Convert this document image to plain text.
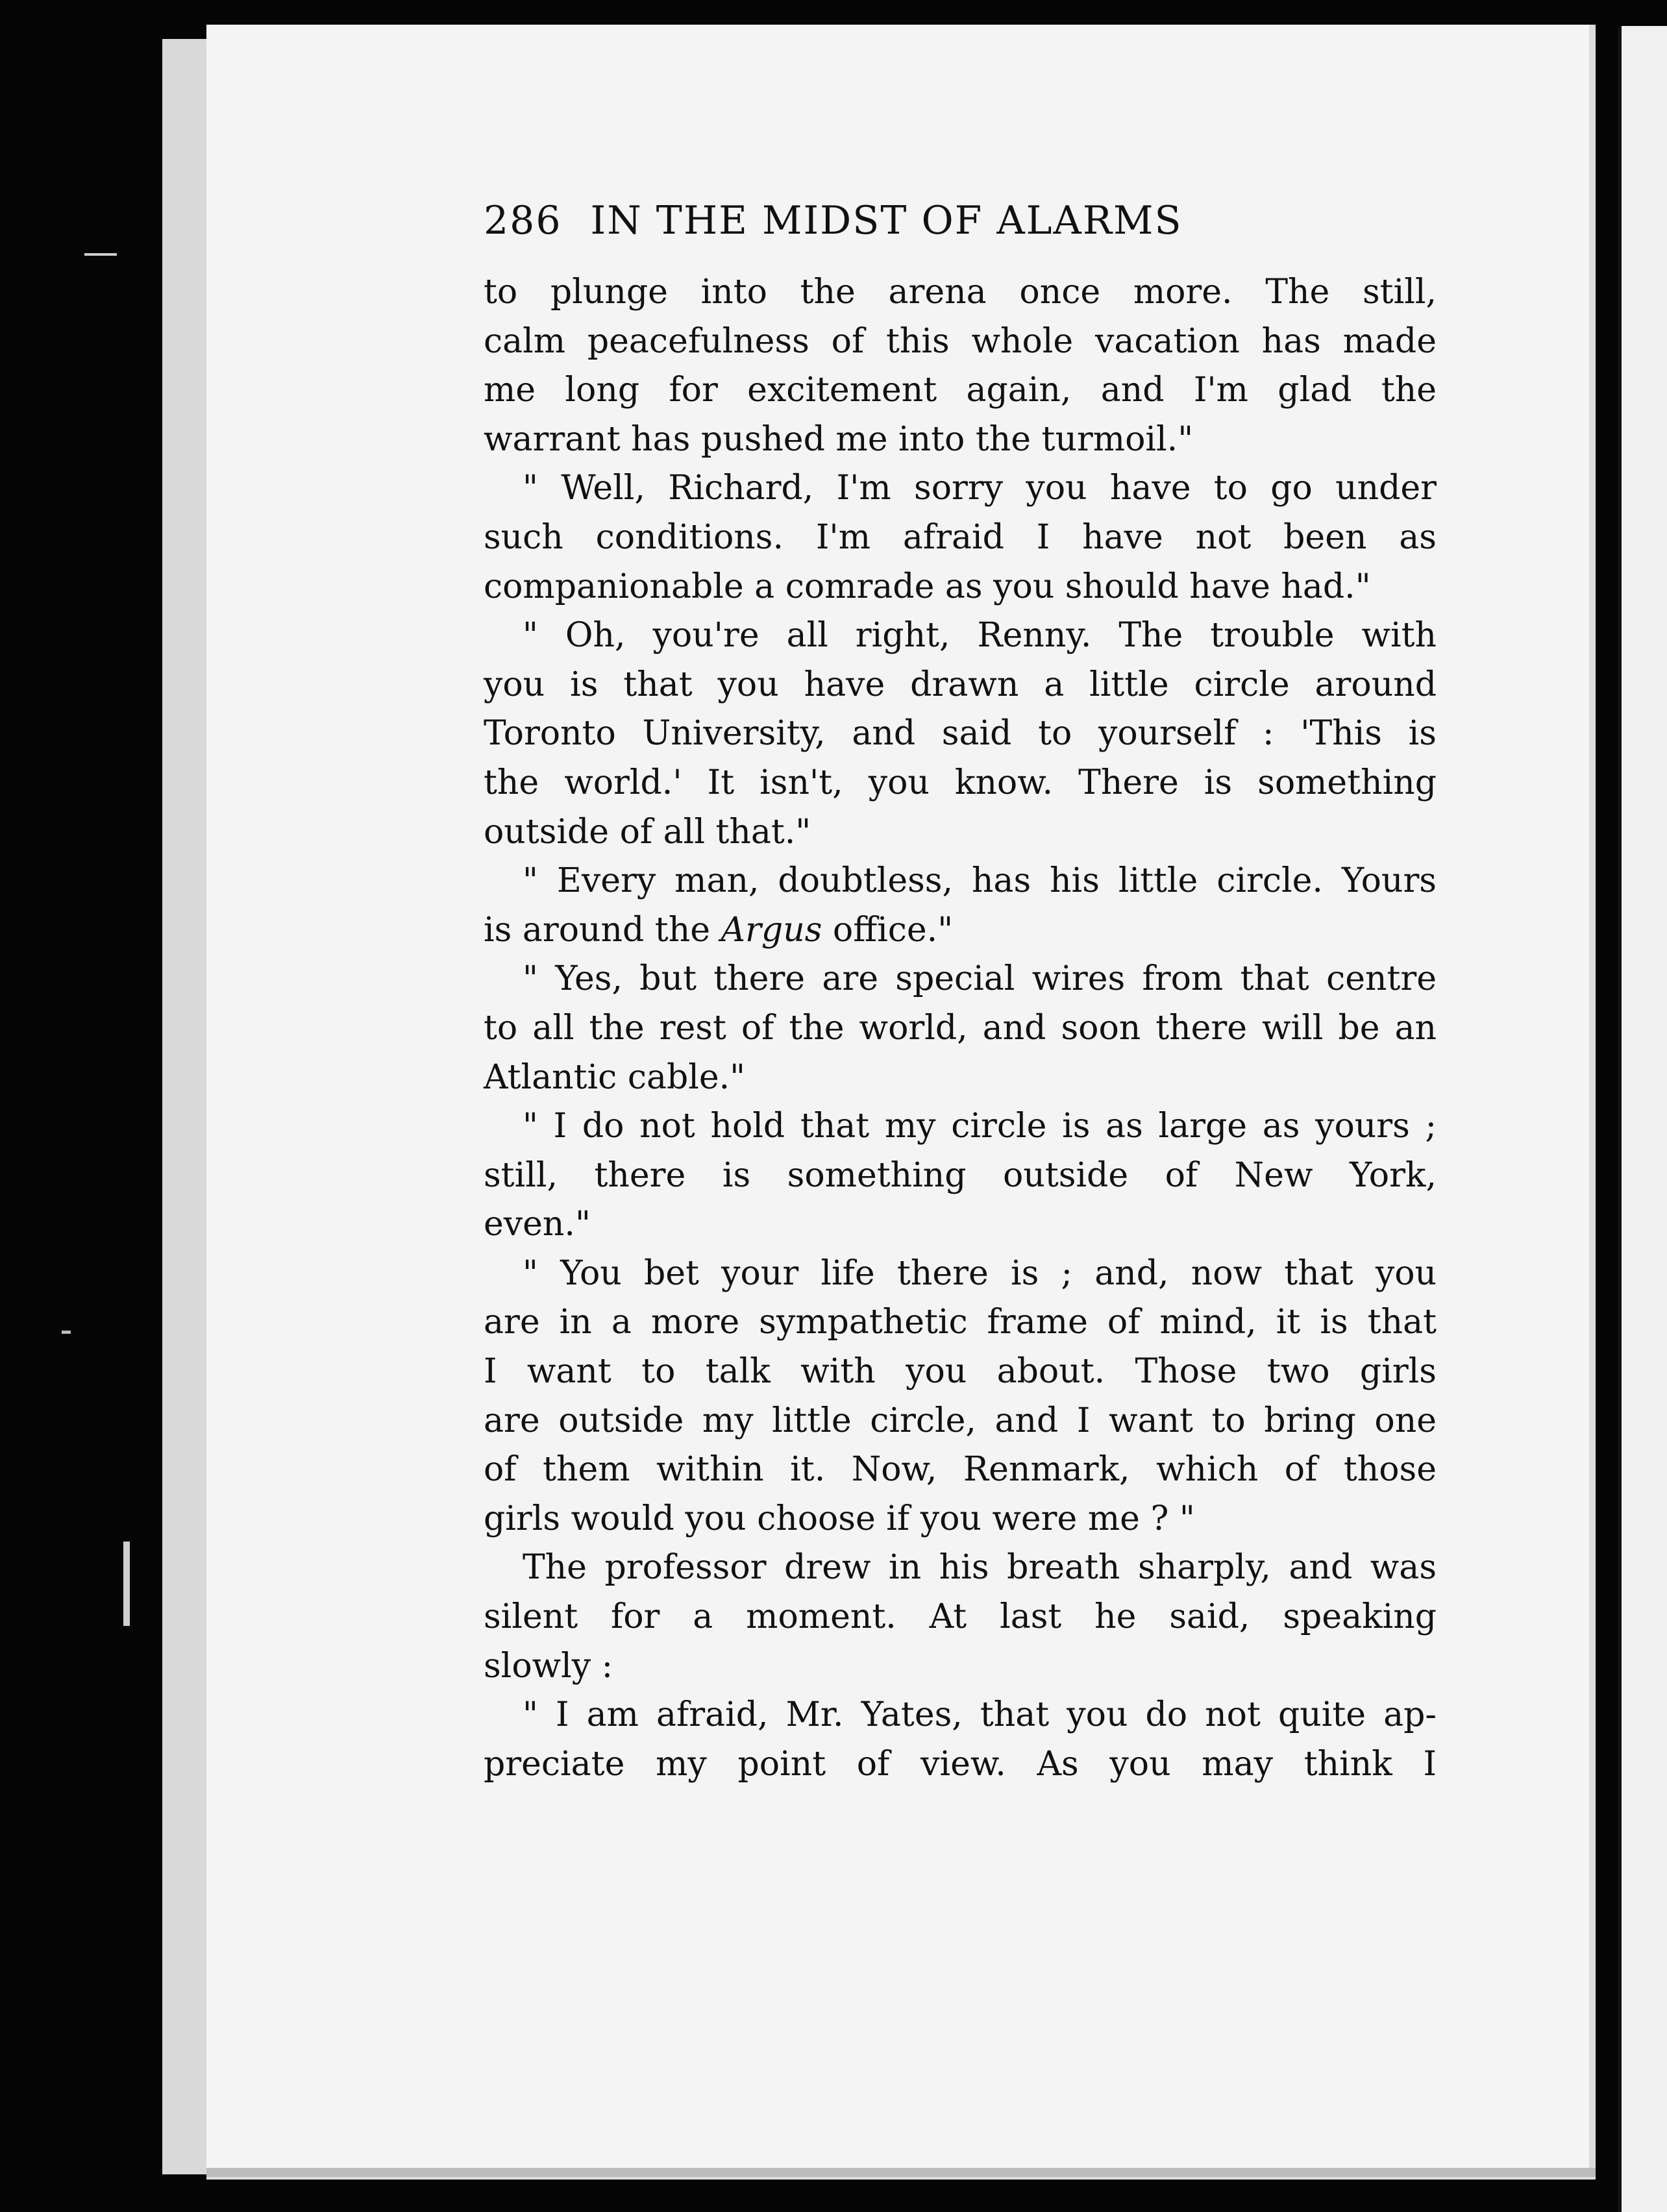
286 IN THE MIDST OF ALARMS
to plunge into the arena once more. The still,
calm peacefulness of this whole vacation has made
me long for excitement again, and I'm glad the
warrant has pushed me into the turmoil."
" Well, Richard, I'm sorry you have to go under
such conditions. I'm afraid I have not been as
companionable a comrade as you should have had."
" Oh, you're all right, Renny. The trouble with
you is that you have drawn a little circle around
Toronto University, and said to yourself : 'This is
the world.' It isn't, you know. There is something
outside of all that."
" Every man, doubtless, has his little circle. Yours
is around the Argus office."
" Yes, but there are special wires from that centre
to all the rest of the world, and soon there will be an
Atlantic cable."
" I do not hold that my circle is as large as yours ;
still, there is something outside of New York,
even."
" You bet your life there is ; and, now that you
are in a more sympathetic frame of mind, it is that
I want to talk with you about. Those two girls
are outside my little circle, and I want to bring one
of them within it. Now, Renmark, which of those
girls would you choose if you were me ? "
The professor drew in his breath sharply, and was
silent for a moment. At last he said, speaking
slowly :
" I am afraid, Mr. Yates, that you do not quite ap-
preciate my point of view. As you may think I
